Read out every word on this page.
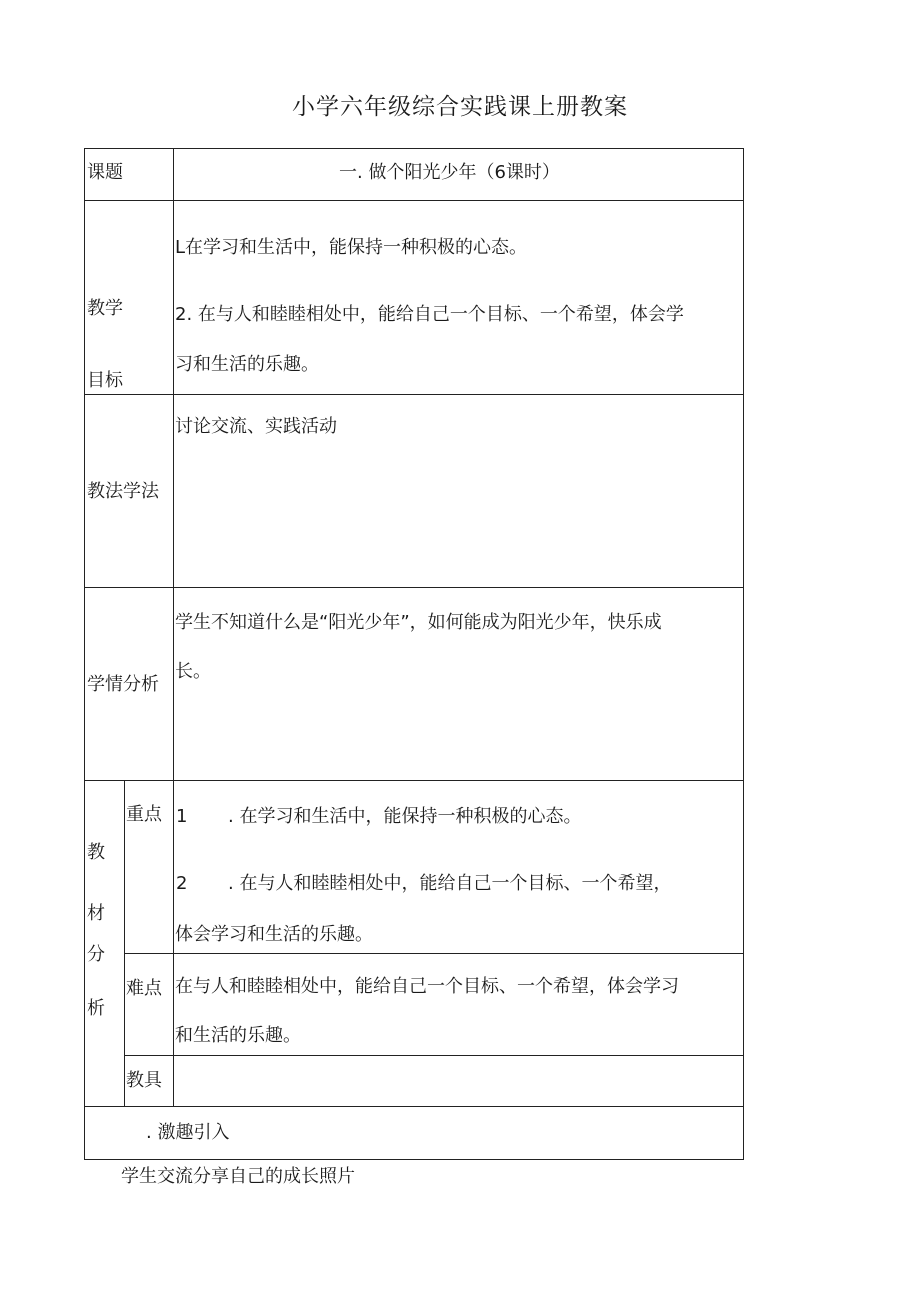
小学六年级综合实践课上册教案
课题	一. 做个阳光少年（6课时）
教学
目标
L在学习和生活中，能保持一种积极的心态。
2. 在与人和睦睦相处中，能给自己一个目标、一个希望，体会学
习和生活的乐趣。
教法学法
讨论交流、实践活动
学情分析
学生不知道什么是“阳光少年”，如何能成为阳光少年，快乐成
长。
教
材
分
析
重点 1 . 在学习和生活中，能保持一种积极的心态。
2 . 在与人和睦睦相处中，能给自己一个目标、一个希望，
体会学习和生活的乐趣。
难点 在与人和睦睦相处中，能给自己一个目标、一个希望，体会学习
和生活的乐趣。
教具
. 激趣引入
学生交流分享自己的成长照片
